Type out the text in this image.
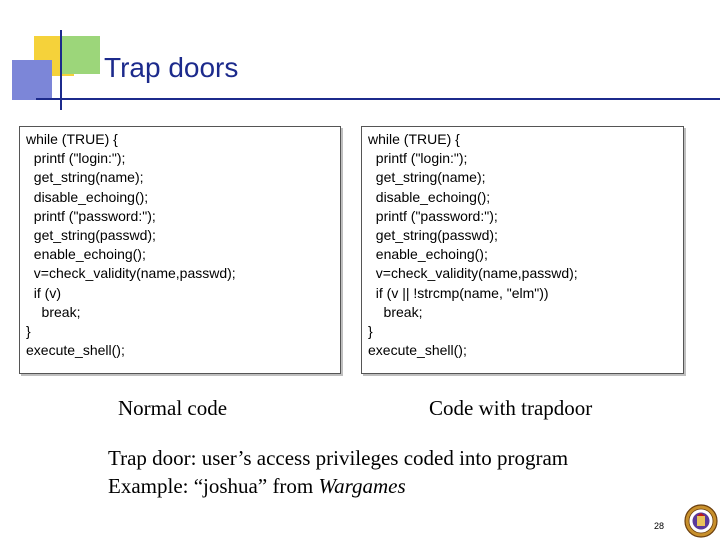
Trap doors
while (TRUE) {
printf ("login:");
get_string(name);
disable_echoing();
printf ("password:");
get_string(passwd);
enable_echoing();
v=check_validity(name,passwd);
if (v)
break;
}
execute_shell();
while (TRUE) {
printf ("login:");
get_string(name);
disable_echoing();
printf ("password:");
get_string(passwd);
enable_echoing();
v=check_validity(name,passwd);
if (v || !strcmp(name, "elm"))
break;
}
execute_shell();
Normal code	Code with trapdoor
Trap door: user’s access privileges coded into program
Example: “joshua” from Wargames
28
